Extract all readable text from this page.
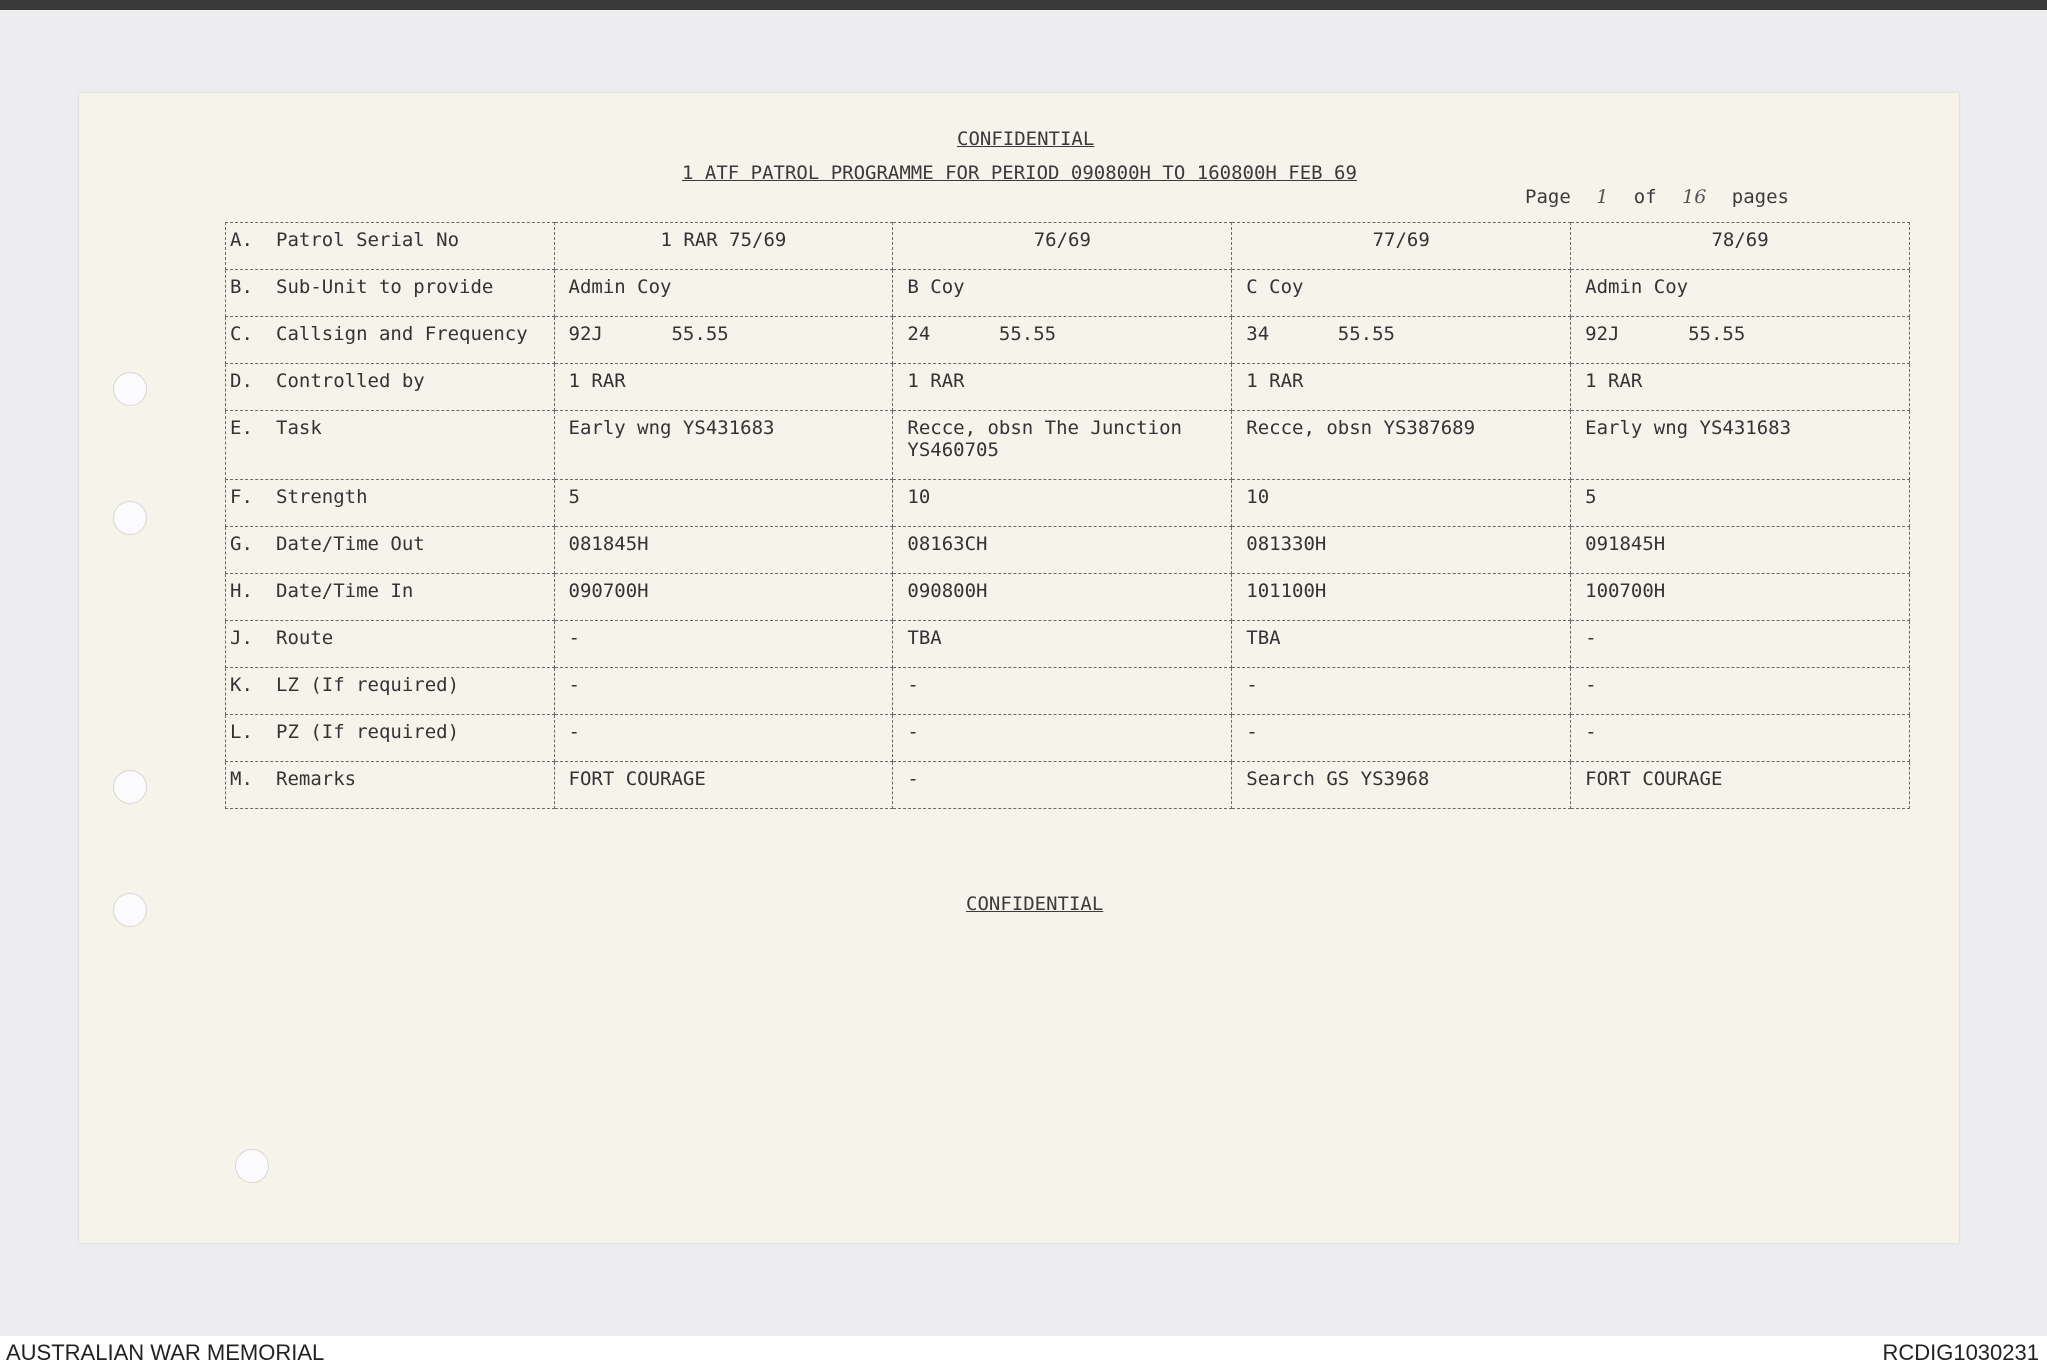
CONFIDENTIAL
1 ATF PATROL PROGRAMME FOR PERIOD 090800H TO 160800H FEB 69
Page 1 of 16 pages
A. Patrol Serial No	1 RAR 75/69	76/69	77/69	78/69
B. Sub-Unit to provide	Admin Coy	B Coy	C Coy	Admin Coy
C. Callsign and Frequency	92J      55.55	24      55.55	34      55.55	92J      55.55
D. Controlled by	1 RAR	1 RAR	1 RAR	1 RAR
E. Task	Early wng YS431683	Recce, obsn The Junction YS460705	Recce, obsn YS387689	Early wng YS431683
F. Strength	5	10	10	5
G. Date/Time Out	081845H	08163CH	081330H	091845H
H. Date/Time In	090700H	090800H	101100H	100700H
J. Route	-	TBA	TBA	-
K. LZ (If required)	-	-	-	-
L. PZ (If required)	-	-	-	-
M. Remarks	FORT COURAGE	-	Search GS YS3968	FORT COURAGE
CONFIDENTIAL
AUSTRALIAN WAR MEMORIAL	RCDIG1030231
